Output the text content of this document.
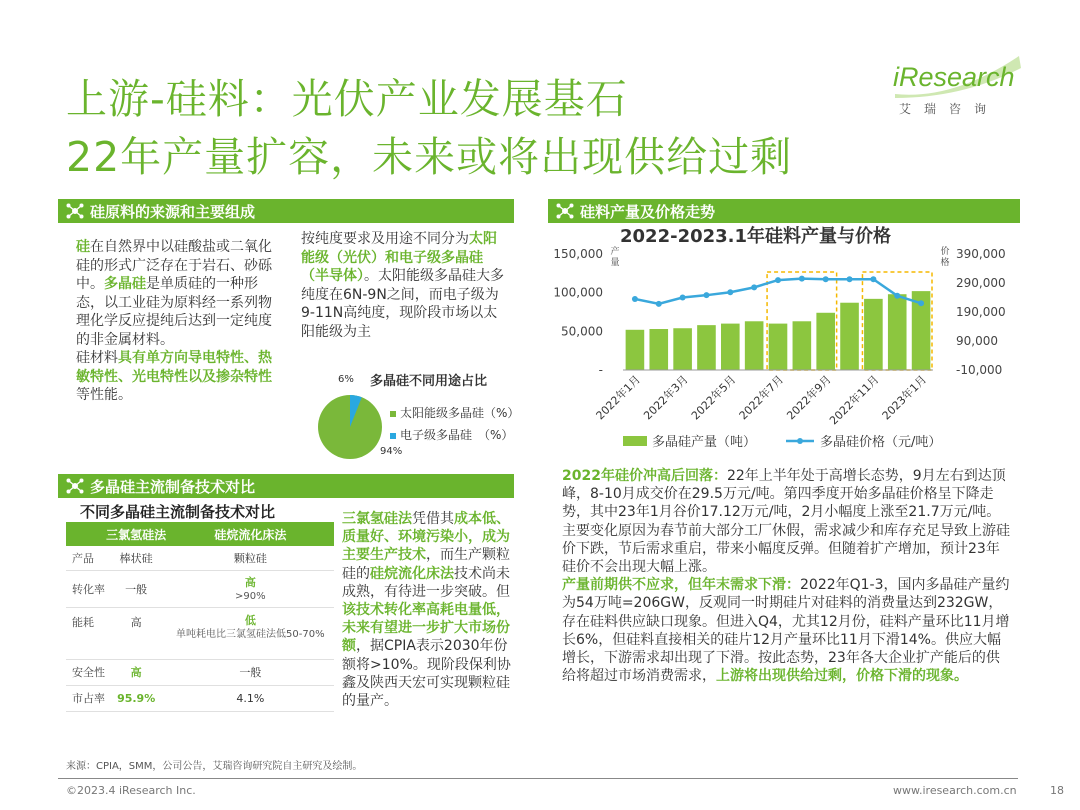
上游-硅料：光伏产业发展基石
22年产量扩容，未来或将出现供给过剩
iResearch
艾瑞咨询
硅原料的来源和主要组成
硅在自然界中以硅酸盐或二氧化硅的形式广泛存在于岩石、砂砾中。多晶硅是单质硅的一种形态，以工业硅为原料经一系列物理化学反应提纯后达到一定纯度的非金属材料。
硅材料具有单方向导电特性、热敏特性、光电特性以及掺杂特性等性能。
按纯度要求及用途不同分为太阳能级（光伏）和电子级多晶硅（半导体）。太阳能级多晶硅大多纯度在6N-9N之间，而电子级为9-11N高纯度，现阶段市场以太阳能级为主
多晶硅不同用途占比
6%
94%
太阳能级多晶硅（%）
电子级多晶硅　（%）
硅料产量及价格走势
2022-2023.1年硅料产量与价格
150,000
100,000
50,000
-
390,000
290,000
190,000
90,000
-10,000
产
量
价
格
2022年1月
2022年3月
2022年5月
2022年7月
2022年9月
2022年11月
2023年1月
多晶硅产量（吨）	多晶硅价格（元/吨）
多晶硅主流制备技术对比
不同多晶硅主流制备技术对比
	三氯氢硅法	硅烷流化床法
产品	棒状硅	颗粒硅
转化率	一般	高
>90%

能耗	高	低
单吨耗电比三氯氢硅法低50-70%

安全性	高	一般
市占率	95.9%	4.1%
三氯氢硅法凭借其成本低、质量好、环境污染小，成为主要生产技术，而生产颗粒硅的硅烷流化床法技术尚未成熟，有待进一步突破。但该技术转化率高耗电量低，未来有望进一步扩大市场份额，据CPIA表示2030年份额将>10%。现阶段保利协鑫及陕西天宏可实现颗粒硅的量产。
2022年硅价冲高后回落：22年上半年处于高增长态势，9月左右到达顶峰，8-10月成交价在29.5万元/吨。第四季度开始多晶硅价格呈下降走势，其中23年1月谷价17.12万元/吨，2月小幅度上涨至21.7万元/吨。主要变化原因为春节前大部分工厂休假，需求减少和库存充足导致上游硅价下跌，节后需求重启，带来小幅度反弹。但随着扩产增加，预计23年硅价不会出现大幅上涨。
产量前期供不应求，但年末需求下滑：2022年Q1-3，国内多晶硅产量约为54万吨=206GW，反观同一时期硅片对硅料的消费量达到232GW，存在硅料供应缺口现象。但进入Q4，尤其12月份，硅料产量环比11月增长6%，但硅料直接相关的硅片12月产量环比11月下滑14%。供应大幅增长，下游需求却出现了下滑。按此态势，23年各大企业扩产能后的供给将超过市场消费需求，上游将出现供给过剩，价格下滑的现象。
来源：CPIA，SMM，公司公告，艾瑞咨询研究院自主研究及绘制。
©2023.4 iResearch Inc.	www.iresearch.com.cn	18
